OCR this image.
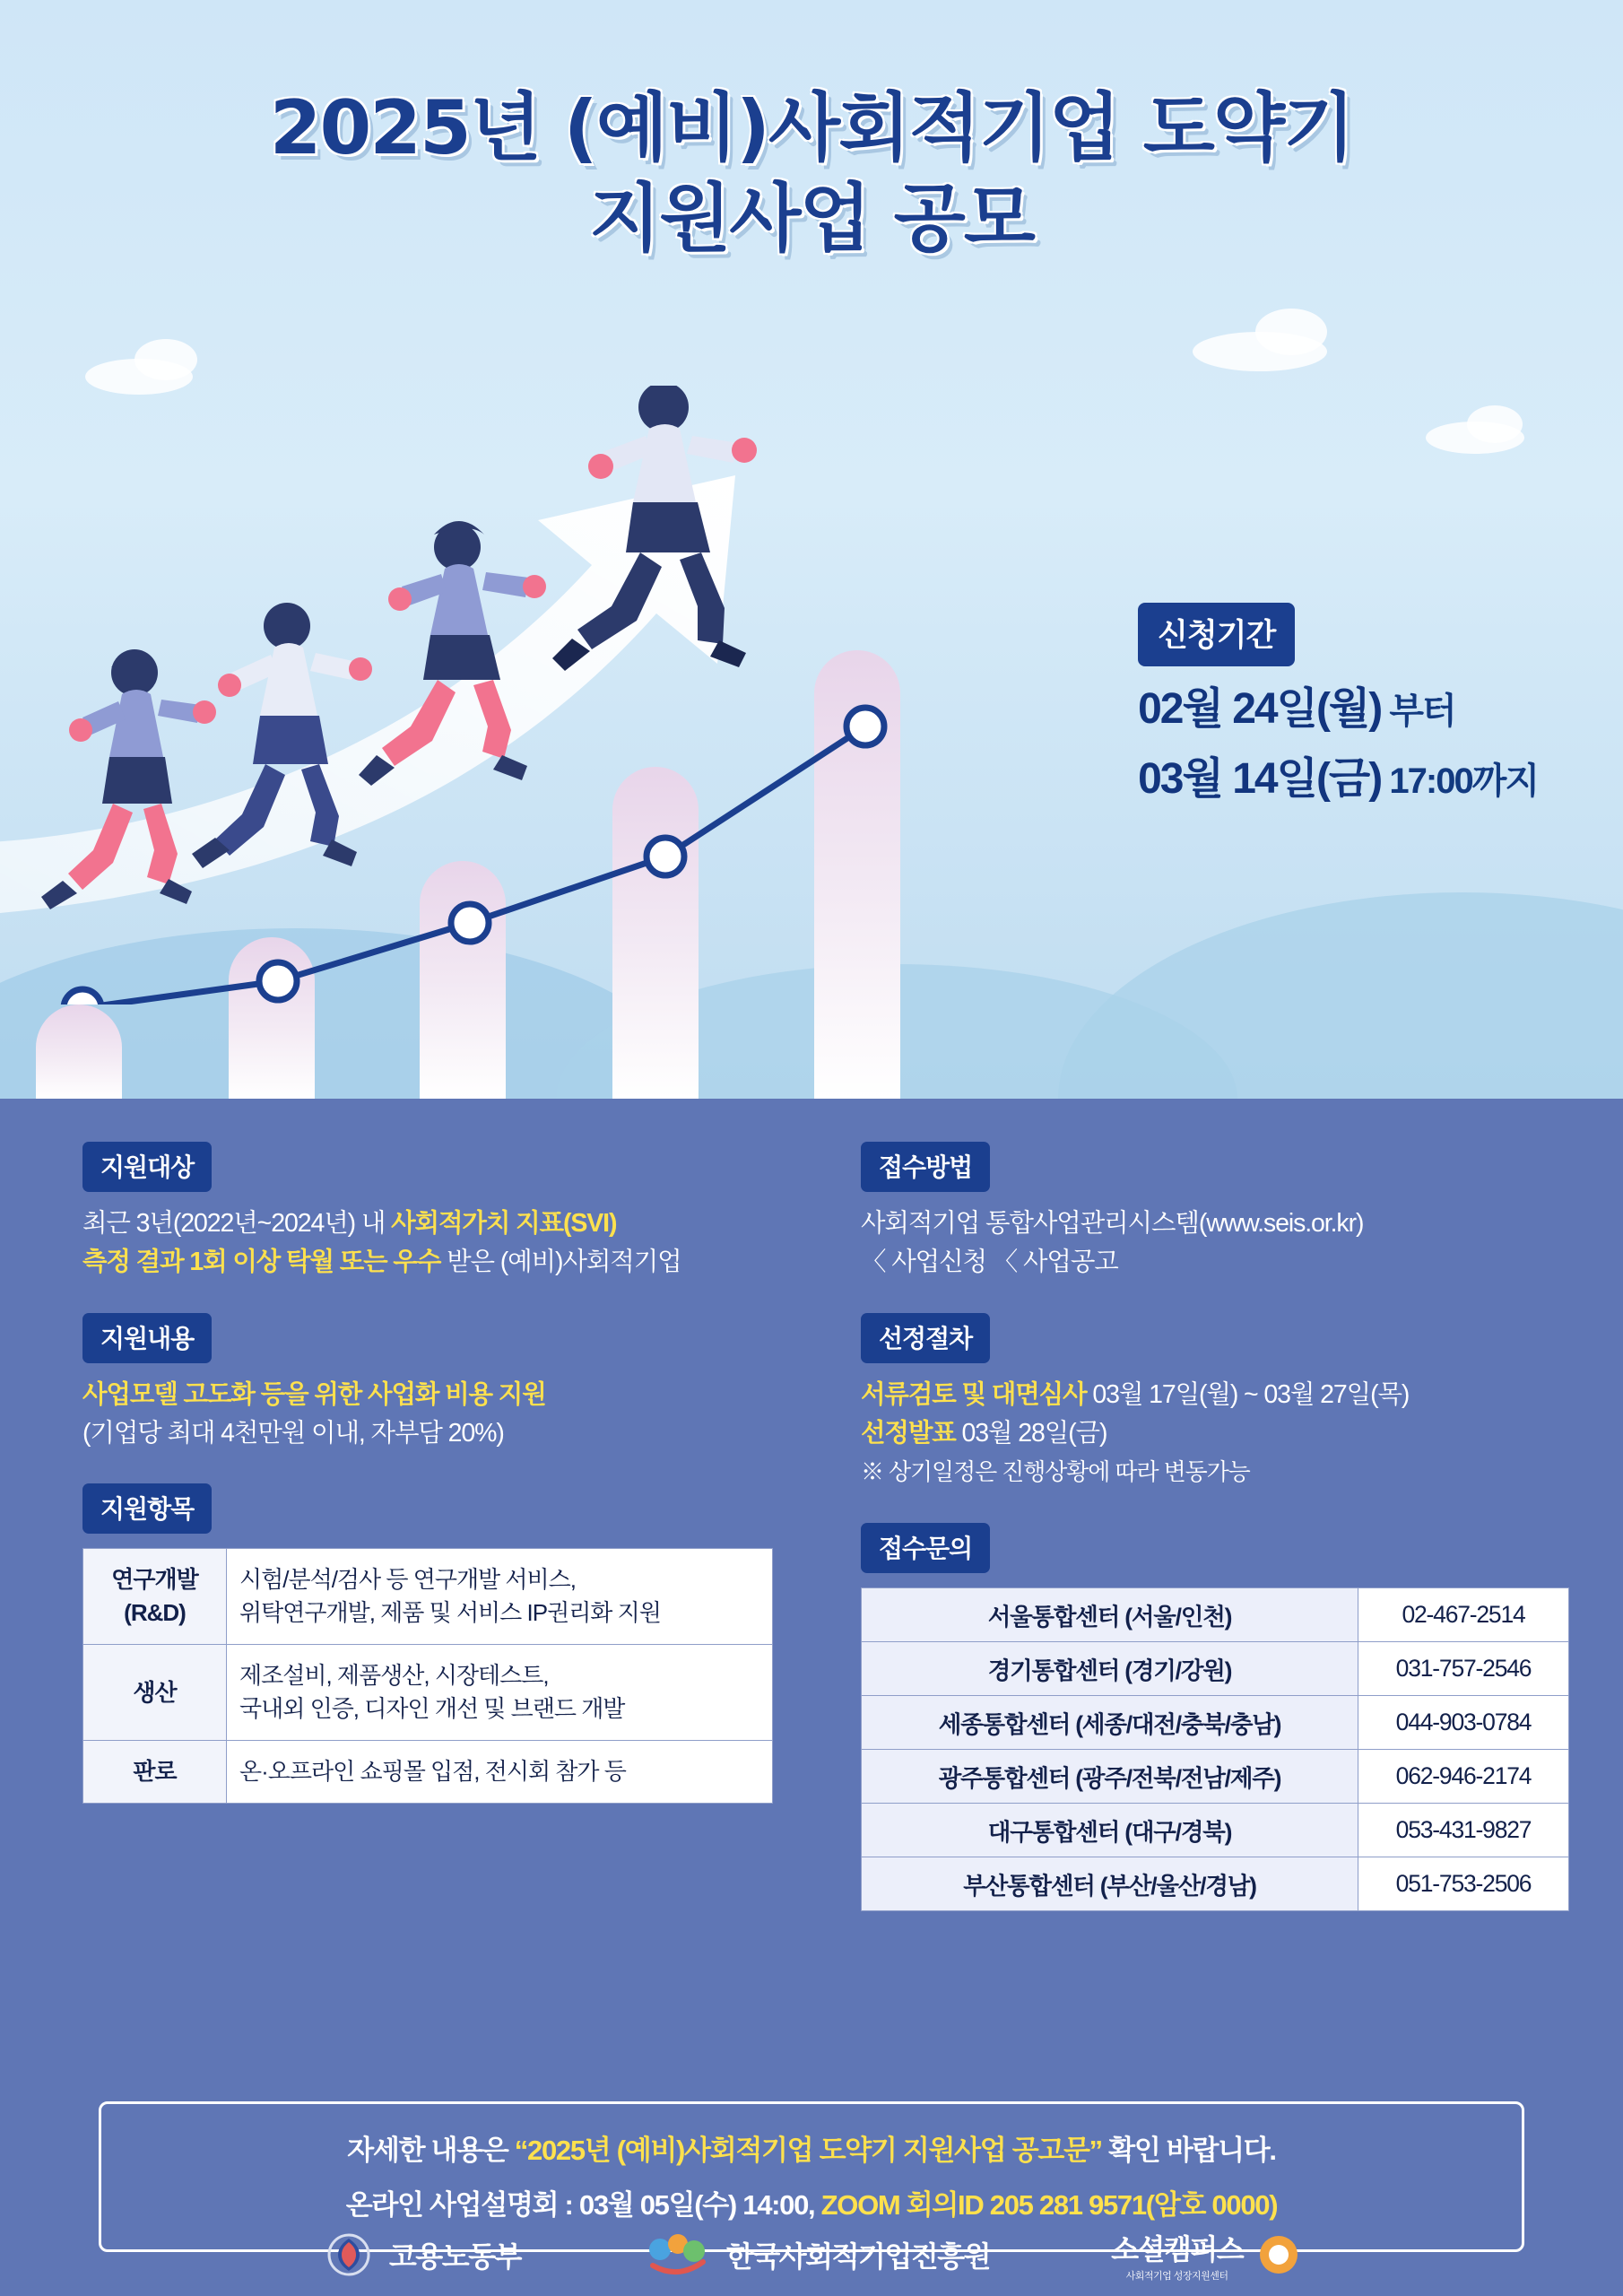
2025년 (예비)사회적기업 도약기
지원사업 공모
신청기간
02월 24일(월) 부터
03월 14일(금) 17:00까지
지원대상
최근 3년(2022년~2024년) 내 사회적가치 지표(SVI)
측정 결과 1회 이상 탁월 또는 우수 받은 (예비)사회적기업
지원내용
사업모델 고도화 등을 위한 사업화 비용 지원
(기업당 최대 4천만원 이내, 자부담 20%)
지원항목
연구개발
(R&D)	시험/분석/검사 등 연구개발 서비스,
위탁연구개발, 제품 및 서비스 IP권리화 지원
생산	제조설비, 제품생산, 시장테스트,
국내외 인증, 디자인 개선 및 브랜드 개발
판로	온·오프라인 쇼핑몰 입점, 전시회 참가 등
접수방법
사회적기업 통합사업관리시스템(www.seis.or.kr)
〈 사업신청 〈 사업공고
선정절차
서류검토 및 대면심사 03월 17일(월) ~ 03월 27일(목)
선정발표 03월 28일(금)
※ 상기일정은 진행상황에 따라 변동가능
접수문의
서울통합센터 (서울/인천)	02-467-2514
경기통합센터 (경기/강원)	031-757-2546
세종통합센터 (세종/대전/충북/충남)	044-903-0784
광주통합센터 (광주/전북/전남/제주)	062-946-2174
대구통합센터 (대구/경북)	053-431-9827
부산통합센터 (부산/울산/경남)	051-753-2506
자세한 내용은 “2025년 (예비)사회적기업 도약기 지원사업 공고문” 확인 바랍니다.
온라인 사업설명회 : 03월 05일(수) 14:00, ZOOM 회의ID 205 281 9571(암호 0000)
고용노동부	한국사회적기업진흥원	소셜캠퍼스
사회적기업 성장지원센터
